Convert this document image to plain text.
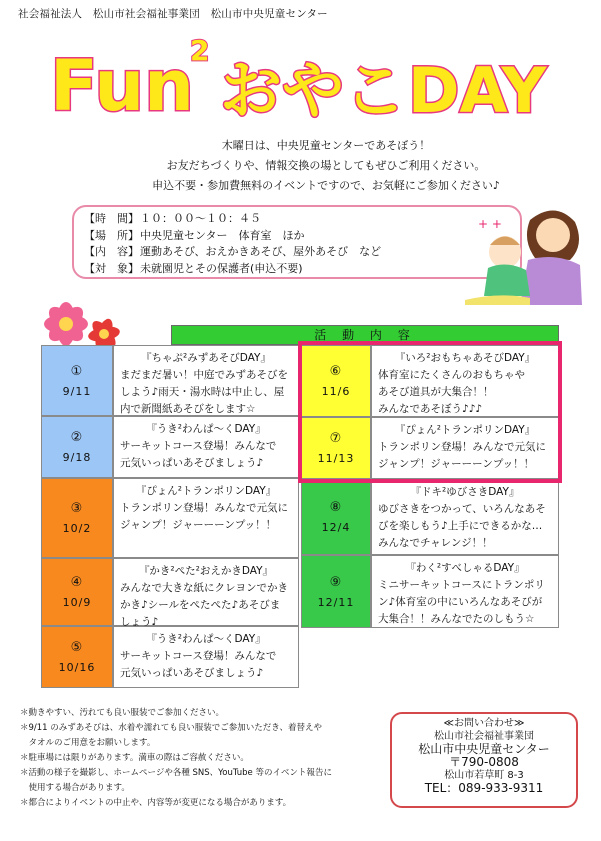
社会福祉法人　松山市社会福祉事業団　松山市中央児童センター
Fun
2
おやこ DAY
木曜日は、中央児童センターであそぼう！
お友だちづくりや、情報交換の場としてもぜひご利用ください。
申込不要・参加費無料のイベントですので、お気軽にご参加ください♪
【時　間】１０：００～１０：４５
【場　所】中央児童センター　体育室　ほか
【内　容】運動あそび、おえかきあそび、屋外あそび　など
【対　象】未就園児とその保護者(申込不要)
+ +
活 動 内 容
①
9/11
『ちゃぷ²みずあそびDAY』
まだまだ暑い！中庭でみずあそびを
しよう♪雨天・湯水時は中止し、屋
内で新聞紙あそびをします☆
②
9/18
『うき²わんぱ～くDAY』
サーキットコース登場！みんなで
元気いっぱいあそびましょう♪
③
10/2
『ぴょん²トランポリンDAY』
トランポリン登場！みんなで元気に
ジャンプ！ジャーーーンプッ！！
④
10/9
『かき²ぺた²おえかきDAY』
みんなで大きな紙にクレヨンでかき
かき♪シールをぺたぺた♪あそびま
しょう♪
⑤
10/16
『うき²わんぱ～くDAY』
サーキットコース登場！みんなで
元気いっぱいあそびましょう♪
⑥
11/6
『いろ²おもちゃあそびDAY』
体育室にたくさんのおもちゃや
あそび道具が大集合！！
みんなであそぼう♪♪♪
⑦
11/13
『ぴょん²トランポリンDAY』
トランポリン登場！みんなで元気に
ジャンプ！ジャーーーンプッ！！
⑧
12/4
『ドキ²ゆびさきDAY』
ゆびさきをつかって、いろんなあそ
びを楽しもう♪上手にできるかな…
みんなでチャレンジ！！
⑨
12/11
『わく²すべしゃるDAY』
ミニサーキットコースにトランポリ
ン♪体育室の中にいろんなあそびが
大集合！！みんなでたのしもう☆
＊動きやすい、汚れても良い服装でご参加ください。
＊9/11 のみずあそびは、水着や濡れても良い服装でご参加いただき、着替えや
　タオルのご用意をお願いします。
＊駐車場には限りがあります。満車の際はご容赦ください。
＊活動の様子を撮影し、ホームページや各種 SNS、YouTube 等のイベント報告に
　使用する場合があります。
＊都合によりイベントの中止や、内容等が変更になる場合があります。
≪お問い合わせ≫
松山市社会福祉事業団
松山市中央児童センター
〒790-0808
松山市若草町 8-3
TEL：089-933-9311
